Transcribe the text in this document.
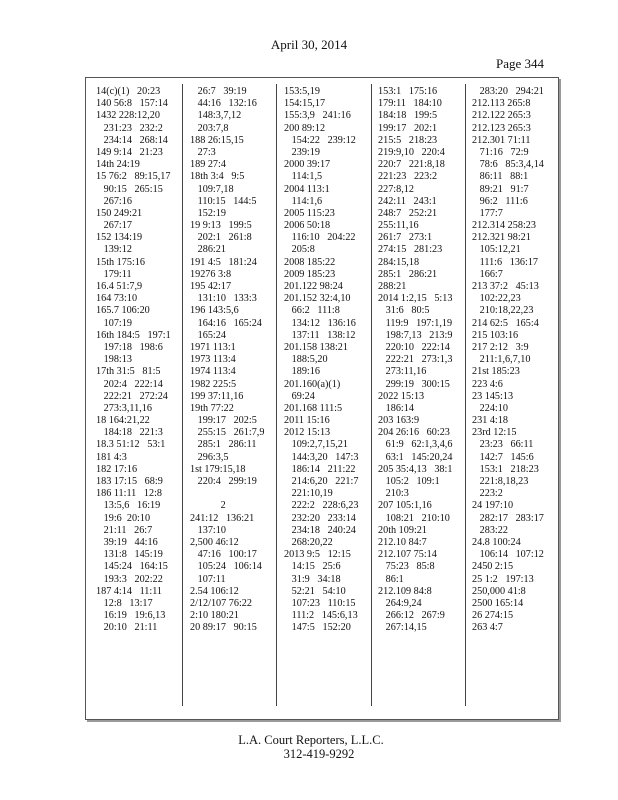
April 30, 2014
Page 344
14(c)(1)   20:23
140 56:8   157:14
1432 228:12,20
231:23   232:2
234:14   268:14
149 9:14   21:23
14th 24:19
15 76:2   89:15,17
90:15   265:15
267:16
150 249:21
267:17
152 134:19
139:12
15th 175:16
179:11
16.4 51:7,9
164 73:10
165.7 106:20
107:19
16th 184:5   197:1
197:18   198:6
198:13
17th 31:5   81:5
202:4   222:14
222:21   272:24
273:3,11,16
18 164:21,22
184:18   221:3
18.3 51:12   53:1
181 4:3
182 17:16
183 17:15   68:9
186 11:11   12:8
13:5,6   16:19
19:6  20:10
21:11   26:7
39:19   44:16
131:8   145:19
145:24   164:15
193:3   202:22
187 4:14   11:11
12:8   13:17
16:19   19:6,13
20:10   21:11
26:7   39:19
44:16   132:16
148:3,7,12
203:7,8
188 26:15,15
27:3
189 27:4
18th 3:4   9:5
109:7,18
110:15   144:5
152:19
19 9:13   199:5
202:1   261:8
286:21
191 4:5   181:24
19276 3:8
195 42:17
131:10   133:3
196 143:5,6
164:16   165:24
165:24
1971 113:1
1973 113:4
1974 113:4
1982 225:5
199 37:11,16
19th 77:22
199:17   202:5
255:15   261:7,9
285:1   286:11
296:3,5
1st 179:15,18
220:4   299:19
2
241:12   136:21
137:10
2,500 46:12
47:16   100:17
105:24   106:14
107:11
2.54 106:12
2/12/107 76:22
2:10 180:21
20 89:17   90:15
153:5,19
154:15,17
155:3,9   241:16
200 89:12
154:22   239:12
239:19
2000 39:17
114:1,5
2004 113:1
114:1,6
2005 115:23
2006 50:18
116:10   204:22
205:8
2008 185:22
2009 185:23
201.122 98:24
201.152 32:4,10
66:2   111:8
134:12   136:16
137:11   138:12
201.158 138:21
188:5,20
189:16
201.160(a)(1)
69:24
201.168 111:5
2011 15:16
2012 15:13
109:2,7,15,21
144:3,20   147:3
186:14   211:22
214:6,20   221:7
221:10,19
222:2   228:6,23
232:20   233:14
234:18   240:24
268:20,22
2013 9:5   12:15
14:15   25:6
31:9   34:18
52:21   54:10
107:23   110:15
111:2   145:6,13
147:5   152:20
153:1   175:16
179:11   184:10
184:18   199:5
199:17   202:1
215:5   218:23
219:9,10   220:4
220:7   221:8,18
221:23   223:2
227:8,12
242:11   243:1
248:7   252:21
255:11,16
261:7   273:1
274:15   281:23
284:15,18
285:1   286:21
288:21
2014 1:2,15   5:13
31:6   80:5
119:9   197:1,19
198:7,13   213:9
220:10   222:14
222:21   273:1,3
273:11,16
299:19   300:15
2022 15:13
186:14
203 163:9
204 26:16   60:23
61:9   62:1,3,4,6
63:1   145:20,24
205 35:4,13   38:1
105:2   109:1
210:3
207 105:1,16
108:21   210:10
20th 109:21
212.10 84:7
212.107 75:14
75:23   85:8
86:1
212.109 84:8
264:9,24
266:12   267:9
267:14,15
283:20   294:21
212.113 265:8
212.122 265:3
212.123 265:3
212.301 71:11
71:16   72:9
78:6   85:3,4,14
86:11   88:1
89:21   91:7
96:2   111:6
177:7
212.314 258:23
212.321 98:21
105:12,21
111:6   136:17
166:7
213 37:2   45:13
102:22,23
210:18,22,23
214 62:5   165:4
215 103:16
217 2:12   3:9
211:1,6,7,10
21st 185:23
223 4:6
23 145:13
224:10
231 4:18
23rd 12:15
23:23   66:11
142:7   145:6
153:1   218:23
221:8,18,23
223:2
24 197:10
282:17   283:17
283:22
24.8 100:24
106:14   107:12
2450 2:15
25 1:2   197:13
250,000 41:8
2500 165:14
26 274:15
263 4:7
L.A. Court Reporters, L.L.C.
312-419-9292
